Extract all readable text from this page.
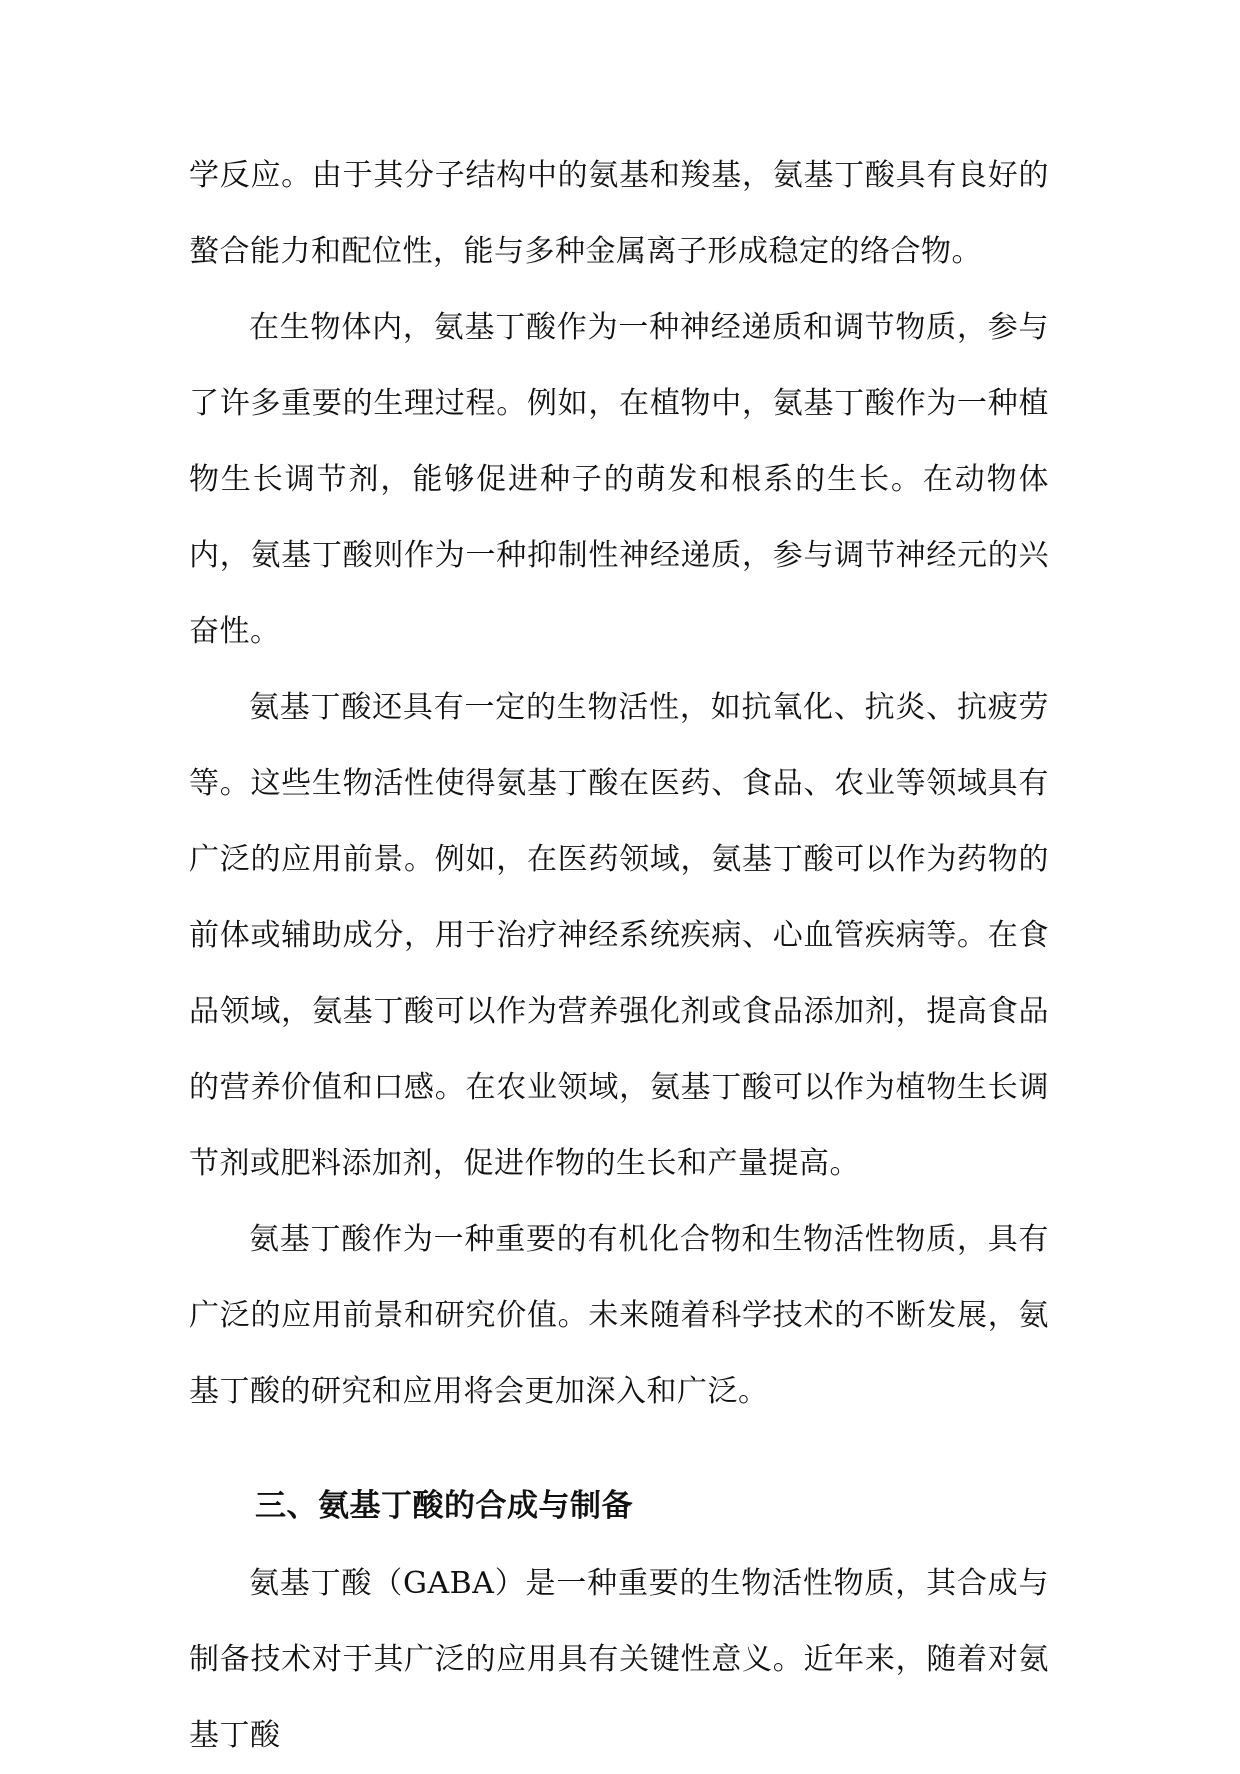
学反应。由于其分子结构中的氨基和羧基，氨基丁酸具有良好的螯合能力和配位性，能与多种金属离子形成稳定的络合物。

在生物体内，氨基丁酸作为一种神经递质和调节物质，参与了许多重要的生理过程。例如，在植物中，氨基丁酸作为一种植物生长调节剂，能够促进种子的萌发和根系的生长。在动物体内，氨基丁酸则作为一种抑制性神经递质，参与调节神经元的兴奋性。

氨基丁酸还具有一定的生物活性，如抗氧化、抗炎、抗疲劳等。这些生物活性使得氨基丁酸在医药、食品、农业等领域具有广泛的应用前景。例如，在医药领域，氨基丁酸可以作为药物的前体或辅助成分，用于治疗神经系统疾病、心血管疾病等。在食品领域，氨基丁酸可以作为营养强化剂或食品添加剂，提高食品的营养价值和口感。在农业领域，氨基丁酸可以作为植物生长调节剂或肥料添加剂，促进作物的生长和产量提高。

氨基丁酸作为一种重要的有机化合物和生物活性物质，具有广泛的应用前景和研究价值。未来随着科学技术的不断发展，氨基丁酸的研究和应用将会更加深入和广泛。

三、氨基丁酸的合成与制备

氨基丁酸（GABA）是一种重要的生物活性物质，其合成与制备技术对于其广泛的应用具有关键性意义。近年来，随着对氨基丁酸
